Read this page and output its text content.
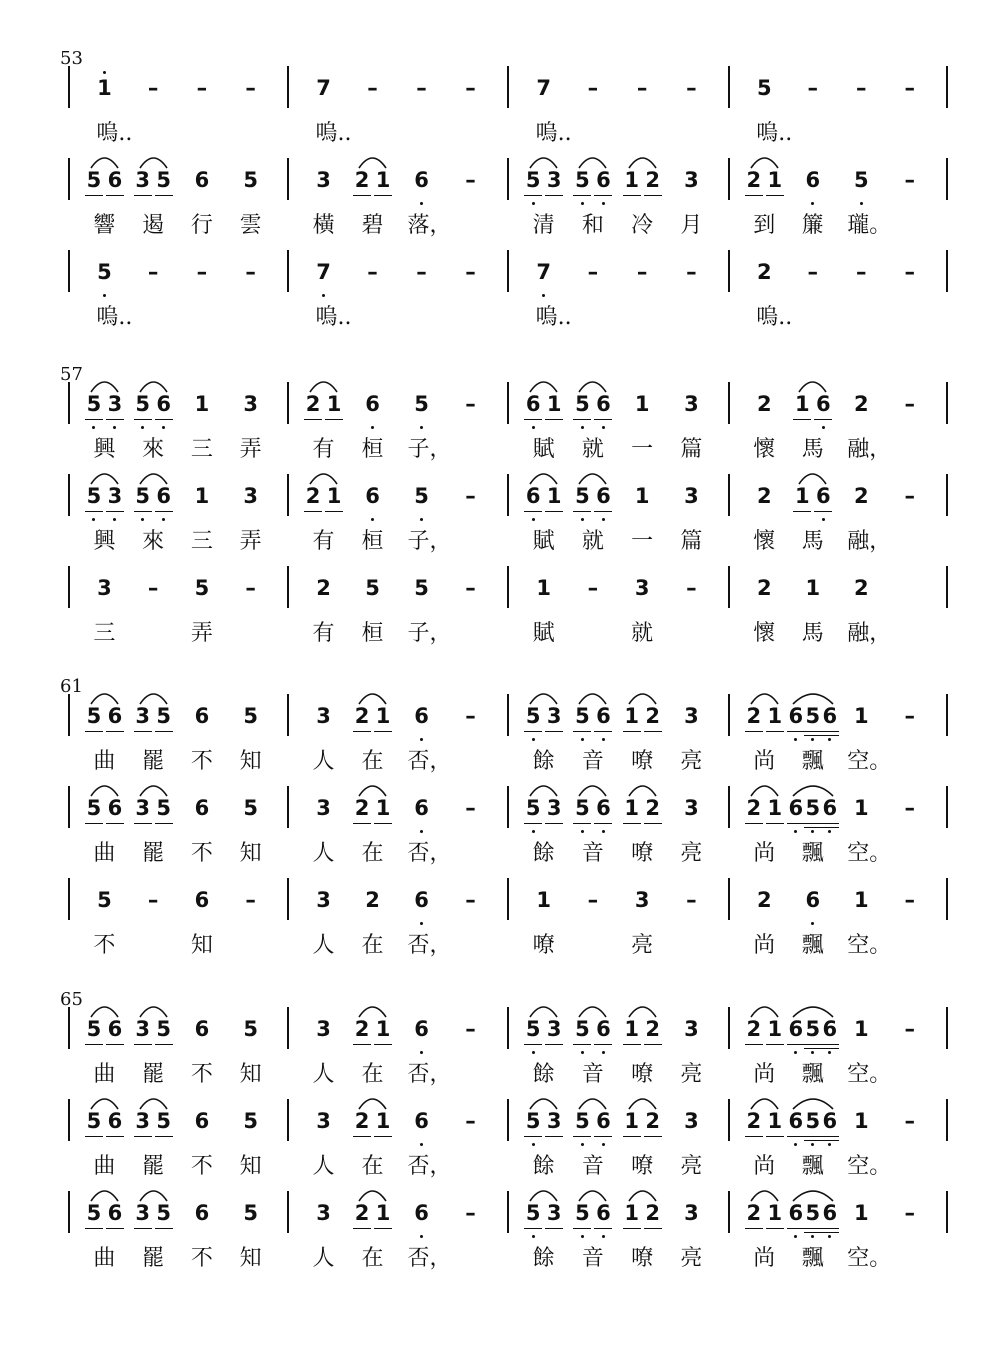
53
1	–	–	–
嗚..
7	–	–	–
嗚..
7	–	–	–
嗚..
5	–	–	–
嗚..
5 6 3 5	6	5
響 遏 行 雲
3	2 1	6	–
橫 碧 落，
5 3 5 6 1 2	3
清 和 冷 月
2 1	6	5	–
到 簾 瓏。
5	–	–	–
嗚..
7	–	–	–
嗚..
7	–	–	–
嗚..
2	–	–	–
嗚..
57
5 3 5 6	1	3
興 來 三 弄
2 1	6	5	–
有 桓 子，
6 1 5 6	1	3
賦 就 一 篇
2	1 6	2	–
懷 馬 融，
5 3 5 6	1	3
興 來 三 弄
2 1	6	5	–
有 桓 子，
6 1 5 6	1	3
賦 就 一 篇
2	1 6	2	–
懷 馬 融，
3	–	5	–
三	弄
2	5	5	–
有 桓 子，
1	–	3	–
賦	就
2	1	2
懷 馬 融，
61
5 6 3 5	6	5
曲 罷 不 知
3	2 1	6	–
人 在 否，
5 3 5 6 1 2	3
餘 音 嘹 亮
2 1 6 5 6 1	–
尚 飄 空。
5 6 3 5	6	5
曲 罷 不 知
3	2 1	6	–
人 在 否，
5 3 5 6 1 2	3
餘 音 嘹 亮
2 1 6 5 6 1	–
尚 飄 空。
5	–	6	–
不	知
3	2	6	–
人 在 否，
1	–	3	–
嘹	亮
2	6	1	–
尚 飄 空。
65
5 6 3 5	6	5
曲 罷 不 知
3	2 1	6	–
人 在 否，
5 3 5 6 1 2	3
餘 音 嘹 亮
2 1 6 5 6 1	–
尚 飄 空。
5 6 3 5	6	5
曲 罷 不 知
3	2 1	6	–
人 在 否，
5 3 5 6 1 2	3
餘 音 嘹 亮
2 1 6 5 6 1	–
尚 飄 空。
5 6 3 5	6	5
曲 罷 不 知
3	2 1	6	–
人 在 否，
5 3 5 6 1 2	3
餘 音 嘹 亮
2 1 6 5 6 1	–
尚 飄 空。
